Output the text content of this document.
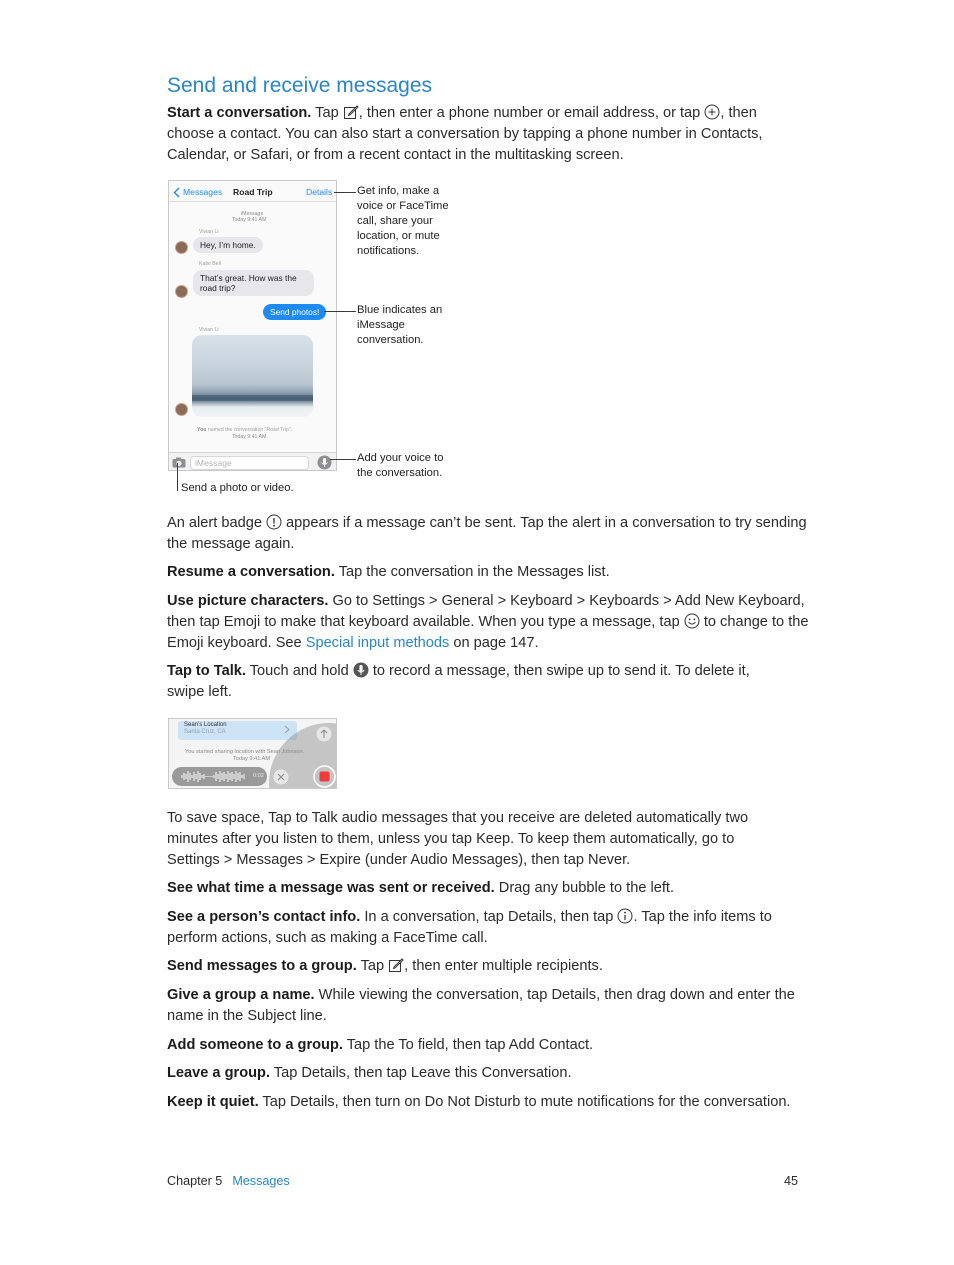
Send and receive messages

Start a conversation. Tap , then enter a phone number or email address, or tap , then choose a contact. You can also start a conversation by tapping a phone number in Contacts, Calendar, or Safari, or from a recent contact in the multitasking screen.

Messages Road Trip	Details
iMessage
Today 9:41 AM
Vivian Li
Hey, I’m home.
Katie Bell
That’s great. How was the road trip?
Send photos!
Vivian Li
You named the conversation “Road Trip”.
Today 9:41 AM
iMessage
Get info, make a voice or FaceTime call, share your location, or mute notifications.
Blue indicates an iMessage conversation.
Add your voice to the conversation.
Send a photo or video.

An alert badge  appears if a message can’t be sent. Tap the alert in a conversation to try sending the message again.

Resume a conversation. Tap the conversation in the Messages list.

Use picture characters. Go to Settings > General > Keyboard > Keyboards > Add New Keyboard, then tap Emoji to make that keyboard available. When you type a message, tap  to change to the Emoji keyboard. See Special input methods on page 147.

Tap to Talk. Touch and hold  to record a message, then swipe up to send it. To delete it, swipe left.

Sean’s Location
Santa Cruz, CA
You started sharing location with Sean Johnson.
Today 9:41 AM
0:02

To save space, Tap to Talk audio messages that you receive are deleted automatically two minutes after you listen to them, unless you tap Keep. To keep them automatically, go to Settings > Messages > Expire (under Audio Messages), then tap Never.

See what time a message was sent or received. Drag any bubble to the left.

See a person’s contact info. In a conversation, tap Details, then tap . Tap the info items to perform actions, such as making a FaceTime call.

Send messages to a group. Tap , then enter multiple recipients.

Give a group a name. While viewing the conversation, tap Details, then drag down and enter the name in the Subject line.

Add someone to a group. Tap the To field, then tap Add Contact.

Leave a group. Tap Details, then tap Leave this Conversation.

Keep it quiet. Tap Details, then turn on Do Not Disturb to mute notifications for the conversation.

Chapter 5 Messages	45
